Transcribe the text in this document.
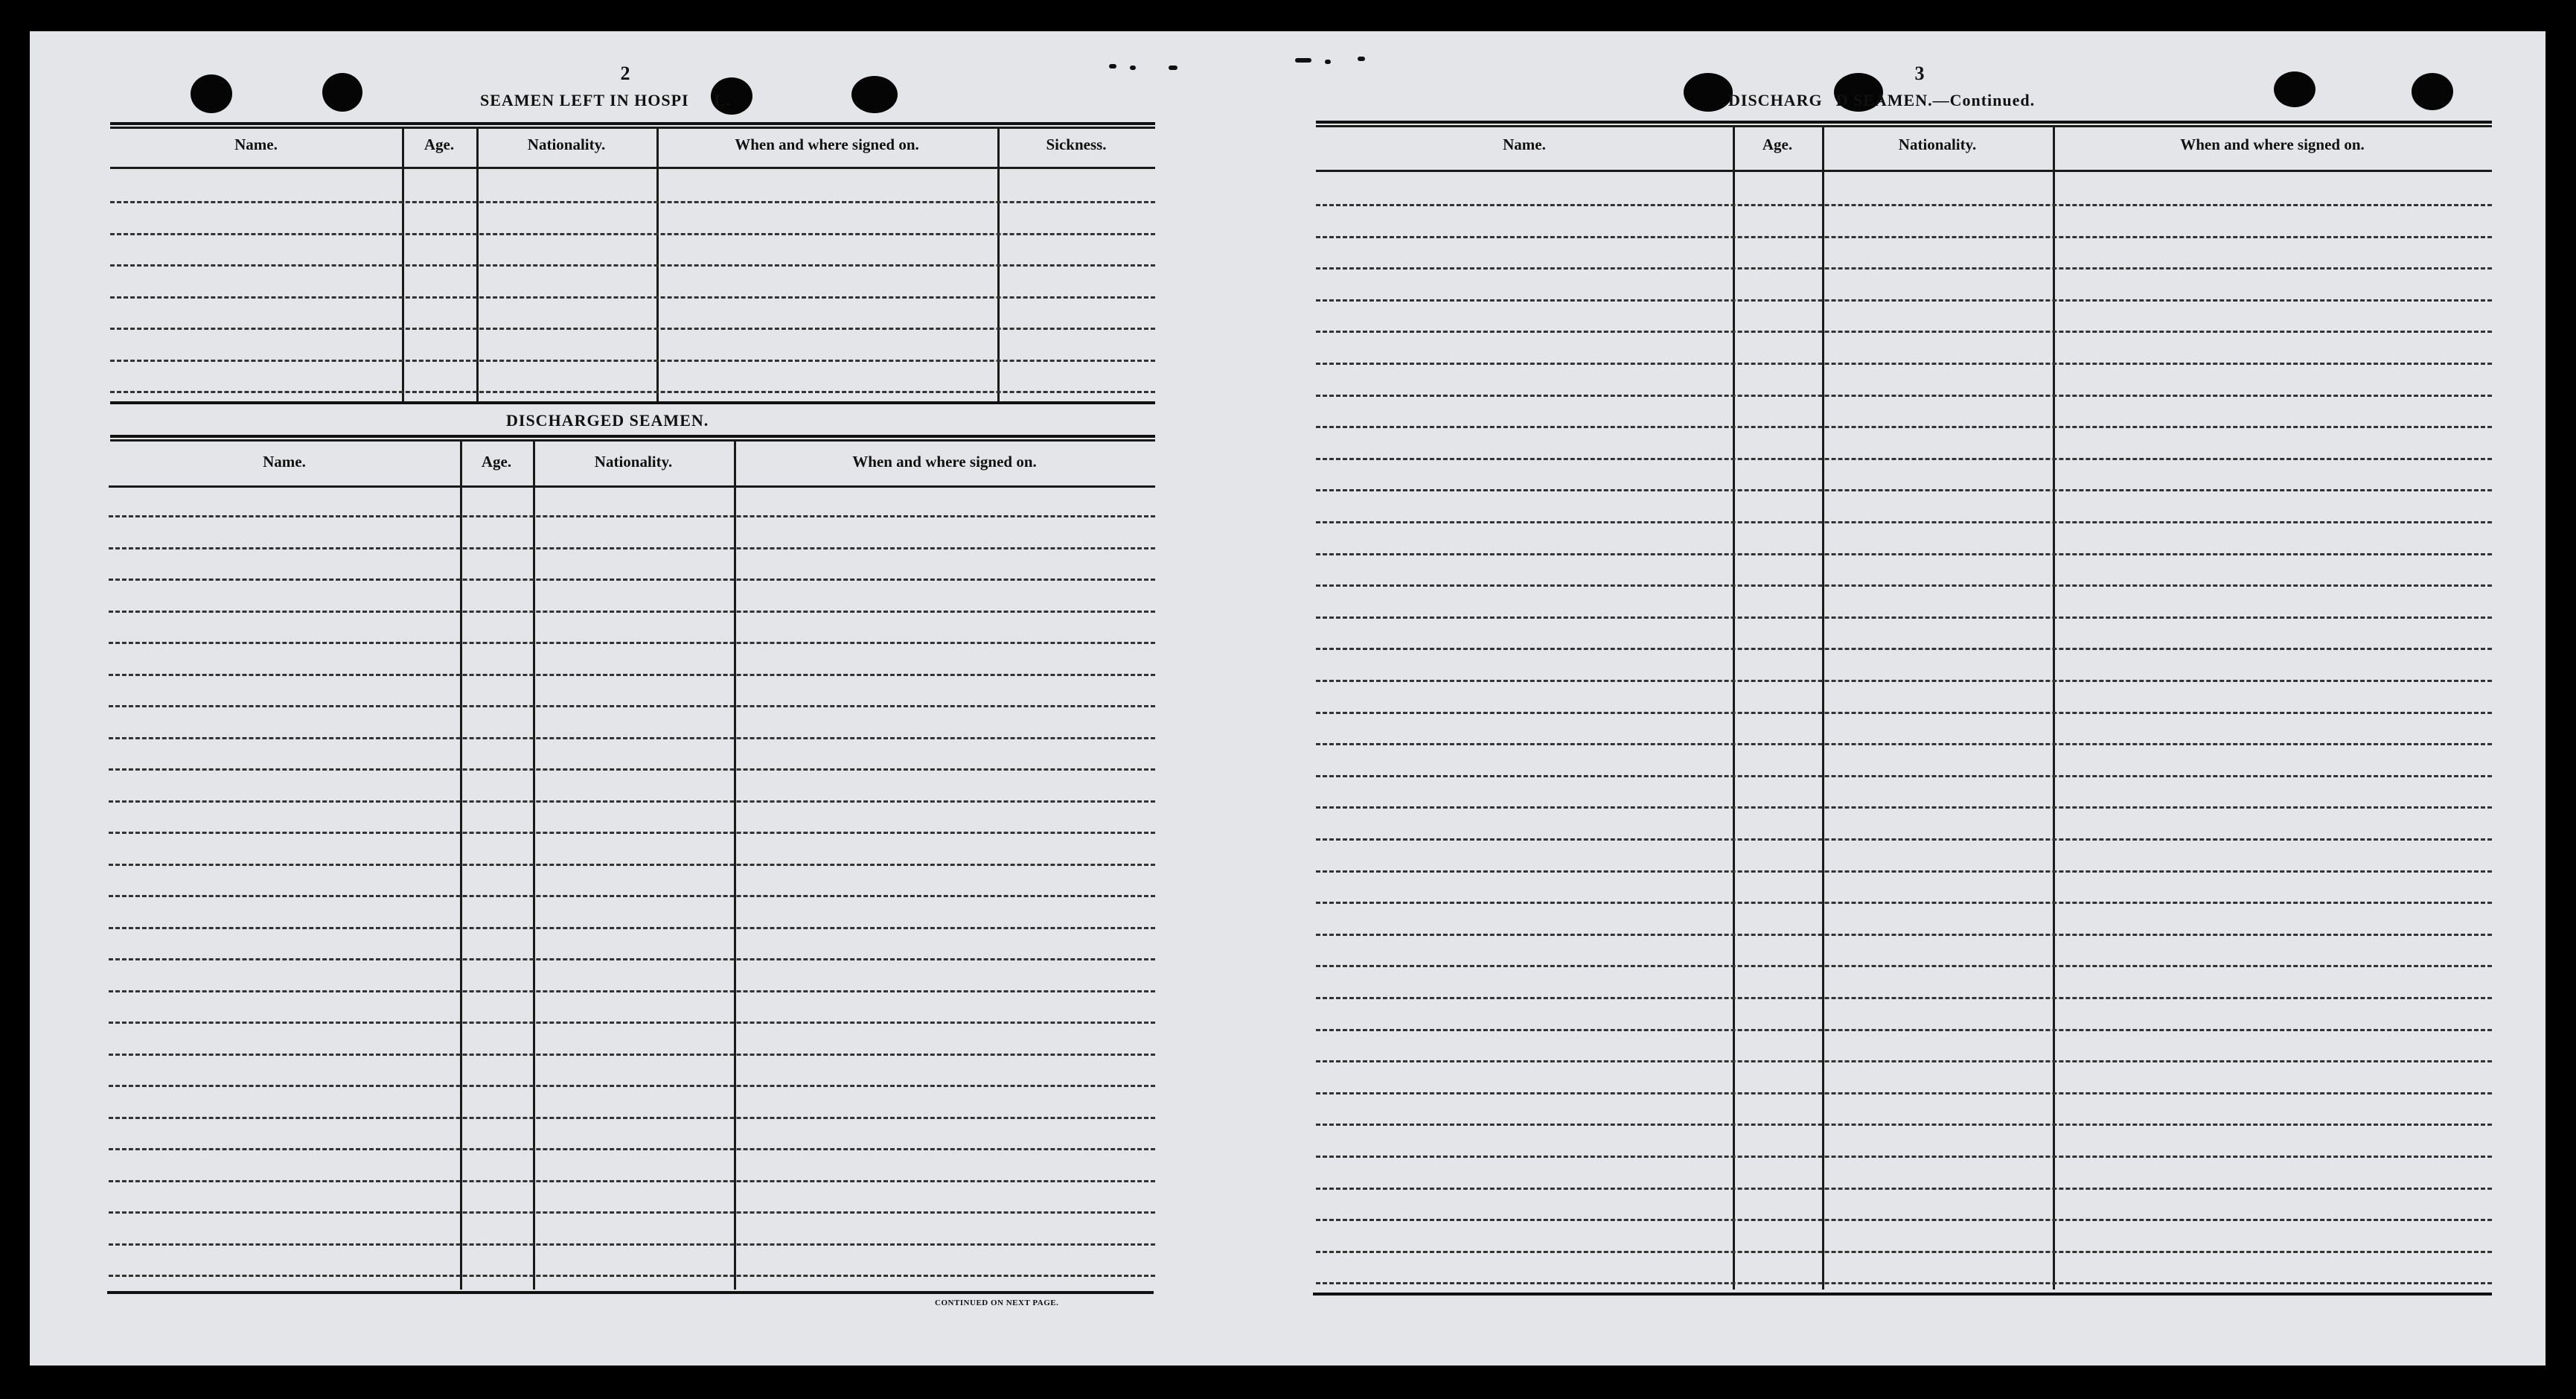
2
SEAMEN LEFT IN HOSPI L.
Name.	Age.	Nationality.	When and where signed on.	Sickness.
DISCHARGED SEAMEN.
Name.	Age.	Nationality.	When and where signed on.
CONTINUED ON NEXT PAGE.
3
DISCHARG D SEAMEN.—Continued.
Name.	Age.	Nationality.	When and where signed on.
